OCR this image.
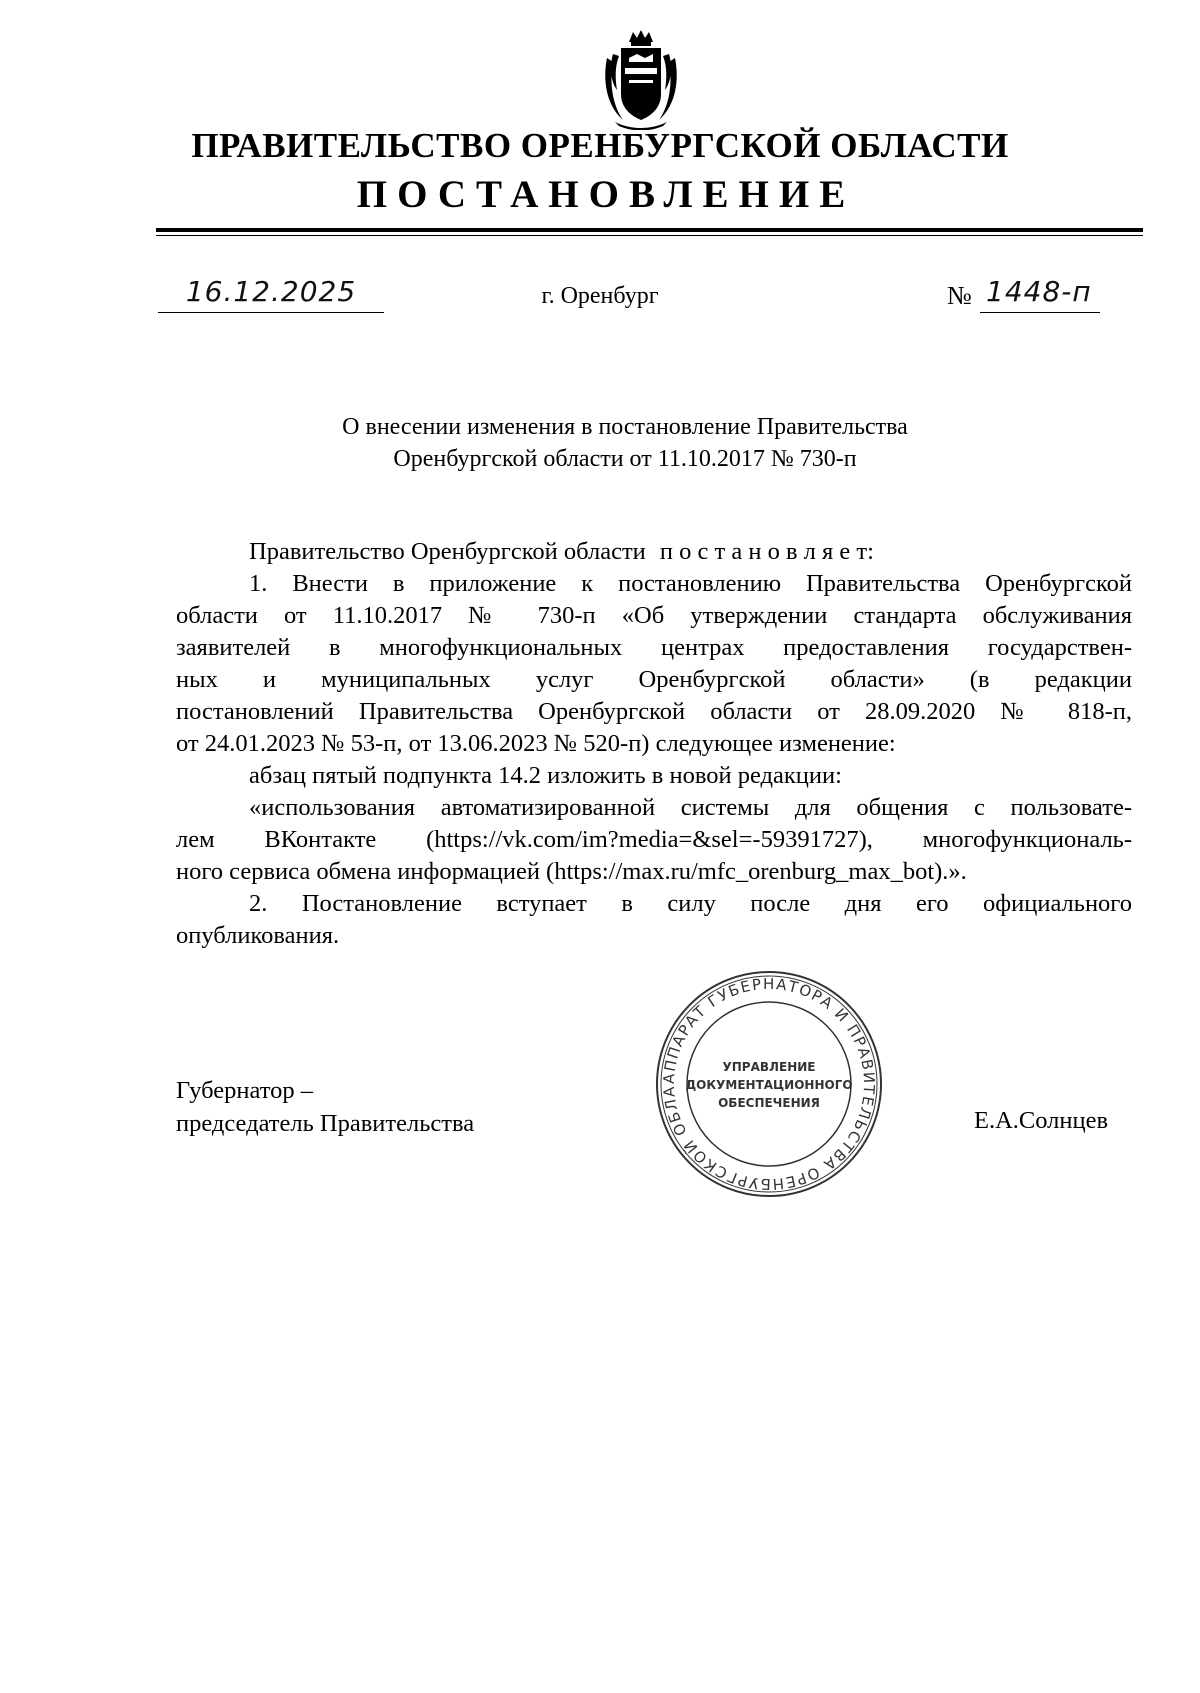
ПРАВИТЕЛЬСТВО ОРЕНБУРГСКОЙ ОБЛАСТИ
ПОСТАНОВЛЕНИЕ
16.12.2025	г. Оренбург	№ 1448-п
О внесении изменения в постановление Правительства
Оренбургской области от 11.10.2017 № 730-п
Правительство Оренбургской области п о с т а н о в л я е т:
1. Внести в приложение к постановлению Правительства Оренбургской
области от 11.10.2017 № 730-п «Об утверждении стандарта обслуживания
заявителей в многофункциональных центрах предоставления государствен-
ных и муниципальных услуг Оренбургской области» (в редакции
постановлений Правительства Оренбургской области от 28.09.2020 № 818-п,
от 24.01.2023 № 53-п, от 13.06.2023 № 520-п) следующее изменение:
абзац пятый подпункта 14.2 изложить в новой редакции:
«использования автоматизированной системы для общения с пользовате-
лем ВКонтакте (https://vk.com/im?media=&sel=-59391727), многофункциональ-
ного сервиса обмена информацией (https://max.ru/mfc_orenburg_max_bot).».
2. Постановление вступает в силу после дня его официального
опубликования.
Губернатор –
председатель Правительства	Е.А.Солнцев
АППАРАТ ГУБЕРНАТОРА И ПРАВИТЕЛЬСТВА ОРЕНБУРГСКОЙ ОБЛА
УПРАВЛЕНИЕ
ДОКУМЕНТАЦИОННОГО
ОБЕСПЕЧЕНИЯ
